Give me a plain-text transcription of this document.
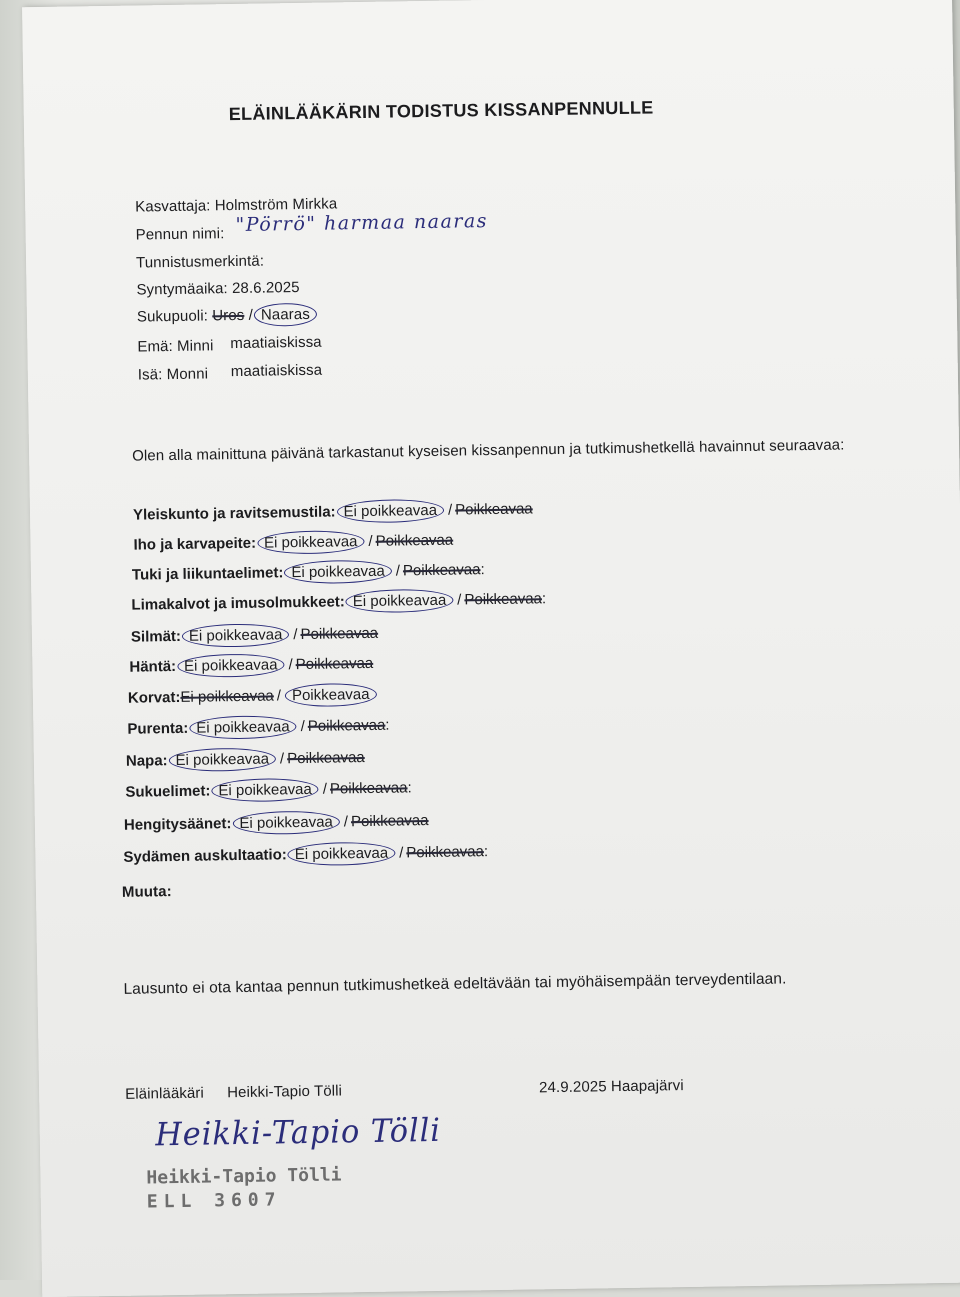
ELÄINLÄÄKÄRIN TODISTUS KISSANPENNULLE
Kasvattaja: Holmström Mirkka
Pennun nimi: "Pörrö" harmaa naaras
Tunnistusmerkintä:
Syntymäaika: 28.6.2025
Sukupuoli: Uros / Naaras
Emä: Minni maatiaiskissa
Isä: Monni maatiaiskissa
Olen alla mainittuna päivänä tarkastanut kyseisen kissanpennun ja tutkimushetkellä havainnut seuraavaa:
Yleiskunto ja ravitsemustila: Ei poikkeavaa / Poikkeavaa
Iho ja karvapeite: Ei poikkeavaa / Poikkeavaa
Tuki ja liikuntaelimet: Ei poikkeavaa / Poikkeavaa:
Limakalvot ja imusolmukkeet: Ei poikkeavaa / Poikkeavaa:
Silmät: Ei poikkeavaa / Poikkeavaa
Häntä: Ei poikkeavaa / Poikkeavaa
Korvat:Ei poikkeavaa / Poikkeavaa
Purenta: Ei poikkeavaa / Poikkeavaa:
Napa: Ei poikkeavaa / Poikkeavaa
Sukuelimet: Ei poikkeavaa / Poikkeavaa:
Hengitysäänet: Ei poikkeavaa / Poikkeavaa
Sydämen auskultaatio: Ei poikkeavaa / Poikkeavaa:
Muuta:
Lausunto ei ota kantaa pennun tutkimushetkeä edeltävään tai myöhäisempään terveydentilaan.
Eläinlääkäri Heikki-Tapio Tölli	24.9.2025 Haapajärvi
Heikki-Tapio Tölli
Heikki-Tapio Tölli
ELL 3607
